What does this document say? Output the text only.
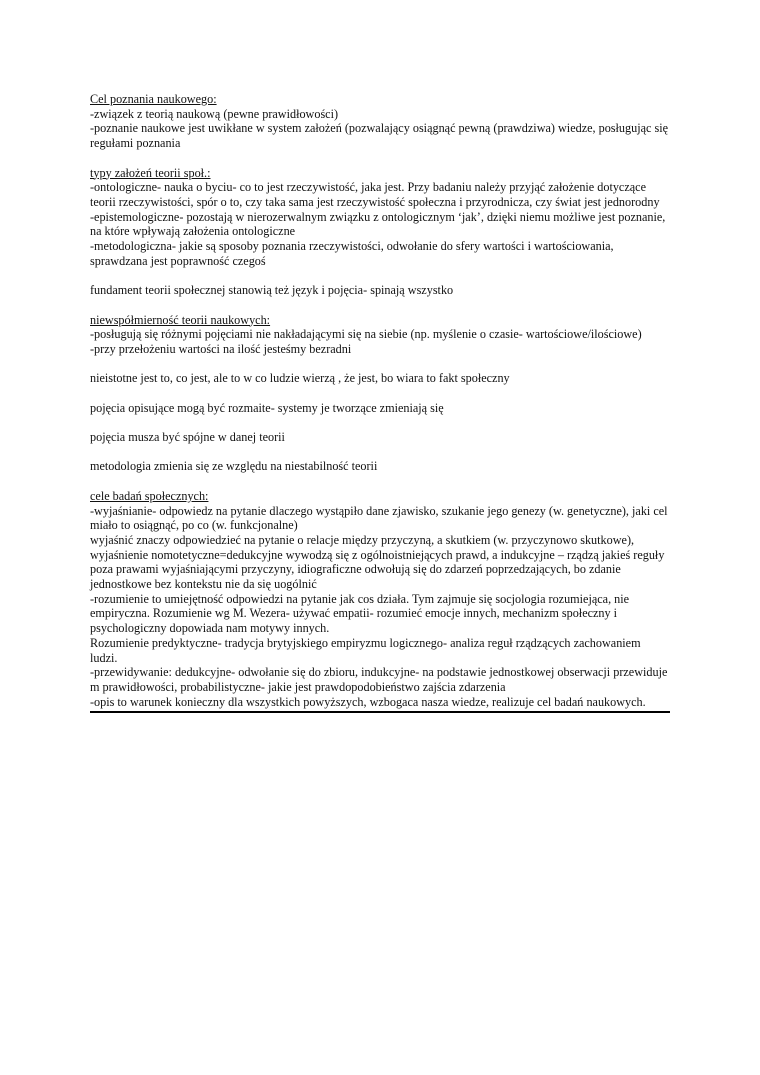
Cel poznania naukowego:

-związek z teorią naukową (pewne prawidłowości)

-poznanie naukowe jest uwikłane w system założeń (pozwalający osiągnąć pewną (prawdziwa) wiedze, posługując się regułami poznania

typy założeń teorii społ.:

-ontologiczne- nauka o byciu- co to jest rzeczywistość, jaka jest. Przy badaniu należy przyjąć założenie dotyczące teorii rzeczywistości, spór o to, czy taka sama jest rzeczywistość społeczna i przyrodnicza, czy świat jest jednorodny

-epistemologiczne- pozostają w nierozerwalnym związku z ontologicznym ‘jak’, dzięki niemu możliwe jest poznanie, na które wpływają założenia ontologiczne

-metodologiczna- jakie są sposoby poznania rzeczywistości, odwołanie do sfery wartości i wartościowania, sprawdzana jest poprawność czegoś

fundament teorii społecznej stanowią też język i pojęcia- spinają wszystko

niewspółmierność teorii naukowych:

-posługują się różnymi pojęciami nie nakładającymi się na siebie (np. myślenie o czasie- wartościowe/ilościowe)

-przy przełożeniu wartości na ilość jesteśmy bezradni

nieistotne jest to, co jest, ale to w co ludzie wierzą , że jest, bo wiara to fakt społeczny

pojęcia opisujące mogą być rozmaite- systemy je tworzące zmieniają się

pojęcia musza być spójne w danej teorii

metodologia zmienia się ze względu na niestabilność teorii

cele badań społecznych:

-wyjaśnianie- odpowiedz na pytanie dlaczego wystąpiło dane zjawisko, szukanie jego genezy (w. genetyczne), jaki cel miało to osiągnąć, po co (w. funkcjonalne)

wyjaśnić znaczy odpowiedzieć na pytanie o relacje między przyczyną, a skutkiem (w. przyczynowo skutkowe), wyjaśnienie nomotetyczne=dedukcyjne wywodzą się z ogólnoistniejących prawd, a indukcyjne – rządzą jakieś reguły poza prawami wyjaśniającymi przyczyny, idiograficzne odwołują się do zdarzeń poprzedzających, bo zdanie jednostkowe bez kontekstu nie da się uogólnić

-rozumienie to umiejętność odpowiedzi na pytanie jak cos działa. Tym zajmuje się socjologia rozumiejąca, nie empiryczna. Rozumienie wg M. Wezera- używać empatii- rozumieć emocje innych, mechanizm społeczny i psychologiczny dopowiada nam motywy innych.

Rozumienie predyktyczne- tradycja brytyjskiego empiryzmu logicznego- analiza reguł rządzących zachowaniem ludzi.

-przewidywanie: dedukcyjne- odwołanie się do zbioru, indukcyjne- na podstawie jednostkowej obserwacji przewiduje m prawidłowości, probabilistyczne- jakie jest prawdopodobieństwo zajścia zdarzenia

-opis to warunek konieczny dla wszystkich powyższych, wzbogaca nasza wiedze, realizuje cel badań naukowych.
